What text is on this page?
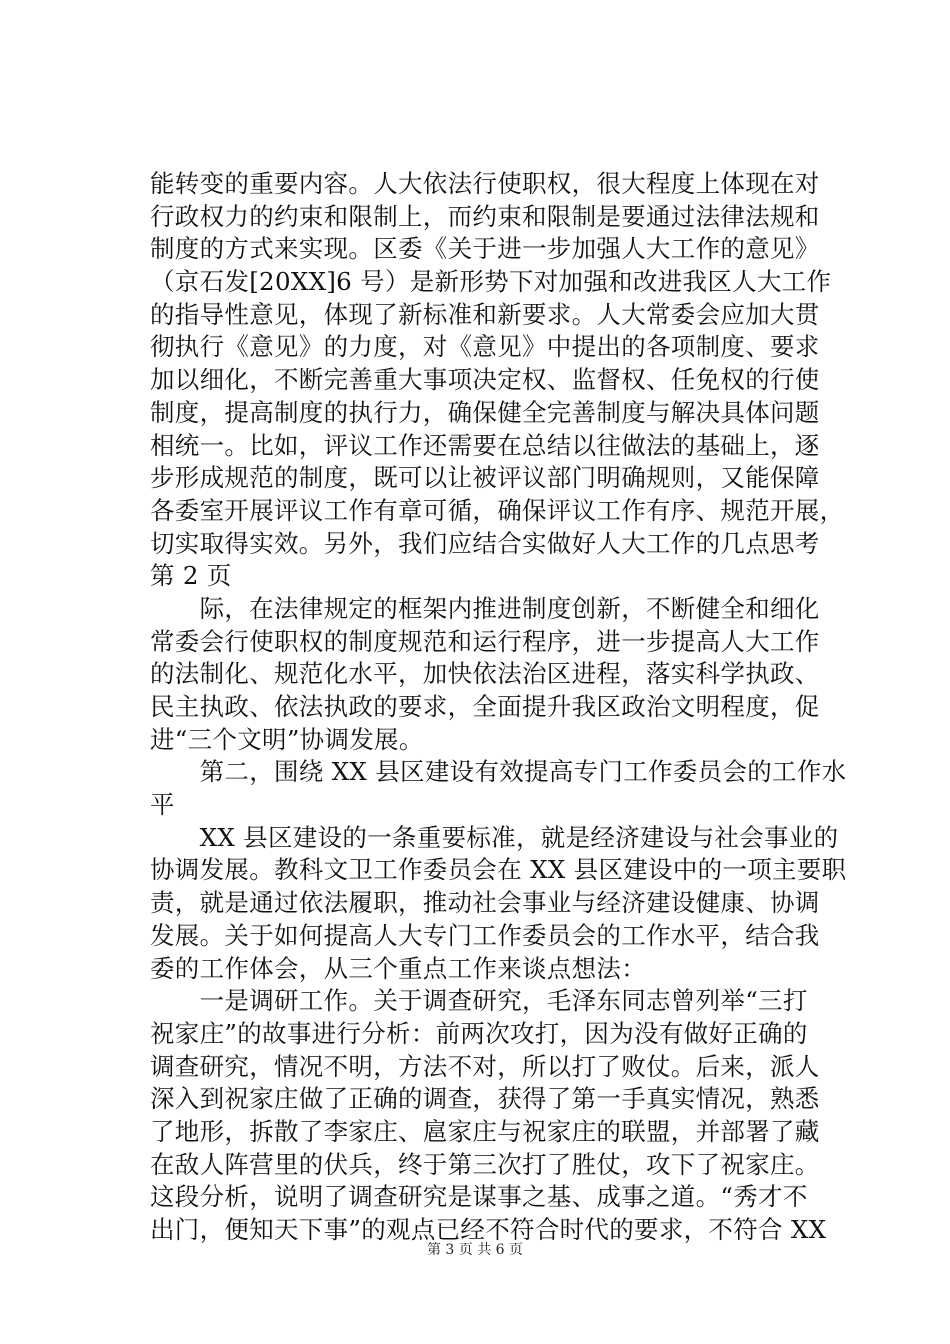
能转变的重要内容。人大依法行使职权，很大程度上体现在对
行政权力的约束和限制上，而约束和限制是要通过法律法规和
制度的方式来实现。区委《关于进一步加强人大工作的意见》
（京石发[20XX]6 号）是新形势下对加强和改进我区人大工作
的指导性意见，体现了新标准和新要求。人大常委会应加大贯
彻执行《意见》的力度，对《意见》中提出的各项制度、要求
加以细化，不断完善重大事项决定权、监督权、任免权的行使
制度，提高制度的执行力，确保健全完善制度与解决具体问题
相统一。比如，评议工作还需要在总结以往做法的基础上，逐
步形成规范的制度，既可以让被评议部门明确规则，又能保障
各委室开展评议工作有章可循，确保评议工作有序、规范开展，
切实取得实效。另外，我们应结合实做好人大工作的几点思考
第 2 页
　　际，在法律规定的框架内推进制度创新，不断健全和细化
常委会行使职权的制度规范和运行程序，进一步提高人大工作
的法制化、规范化水平，加快依法治区进程，落实科学执政、
民主执政、依法执政的要求，全面提升我区政治文明程度，促
进“三个文明”协调发展。
　　第二，围绕 XX 县区建设有效提高专门工作委员会的工作水
平
　　XX 县区建设的一条重要标准，就是经济建设与社会事业的
协调发展。教科文卫工作委员会在 XX 县区建设中的一项主要职
责，就是通过依法履职，推动社会事业与经济建设健康、协调
发展。关于如何提高人大专门工作委员会的工作水平，结合我
委的工作体会，从三个重点工作来谈点想法：
　　一是调研工作。关于调查研究，毛泽东同志曾列举“三打
祝家庄”的故事进行分析：前两次攻打，因为没有做好正确的
调查研究，情况不明，方法不对，所以打了败仗。后来，派人
深入到祝家庄做了正确的调查，获得了第一手真实情况，熟悉
了地形，拆散了李家庄、扈家庄与祝家庄的联盟，并部署了藏
在敌人阵营里的伏兵，终于第三次打了胜仗，攻下了祝家庄。
这段分析，说明了调查研究是谋事之基、成事之道。“秀才不
出门，便知天下事”的观点已经不符合时代的要求，不符合 XX
第 3 页 共 6 页
